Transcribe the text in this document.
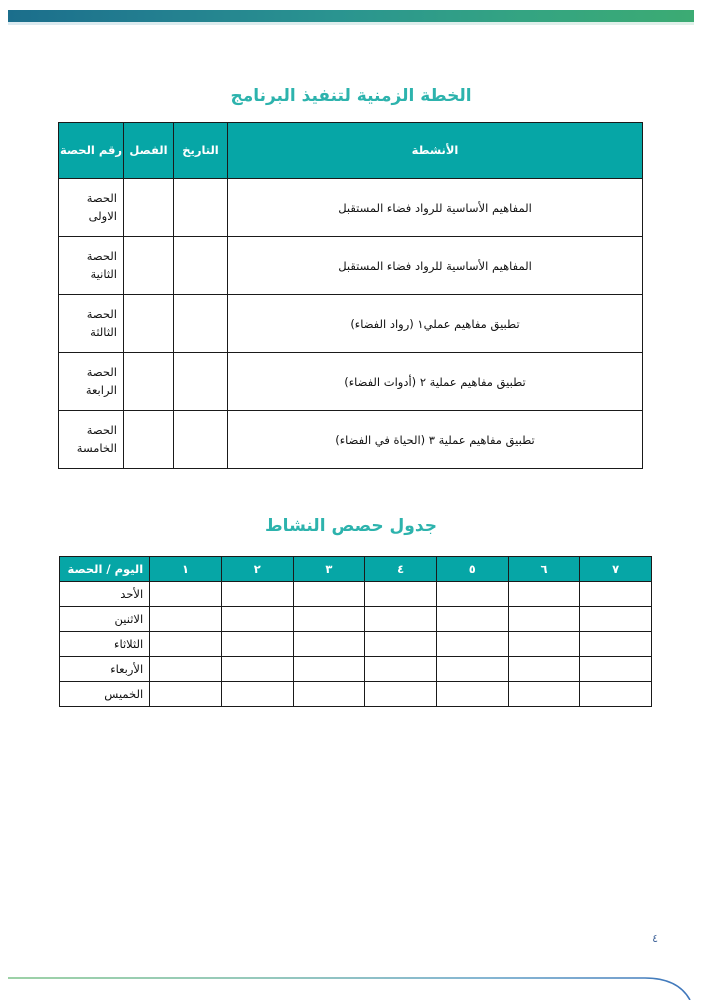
الخطة الزمنية لتنفيذ البرنامج
الأنشطة	التاريخ	الفصل	رقم الحصة
المفاهيم الأساسية للرواد فضاء المستقبل			الحصة
الاولى

المفاهيم الأساسية للرواد فضاء المستقبل			الحصة
الثانية

تطبيق مفاهيم عملي١ (رواد الفضاء)			الحصة
الثالثة

تطبيق مفاهيم عملية ٢ (أدوات الفضاء)			الحصة
الرابعة

تطبيق مفاهيم عملية ٣ (الحياة في الفضاء)			الحصة
الخامسة
جدول حصص النشاط
٧	٦	٥	٤	٣	٢	١	اليوم / الحصة
							الأحد
							الاثنين
							الثلاثاء
							الأربعاء
							الخميس
٤
